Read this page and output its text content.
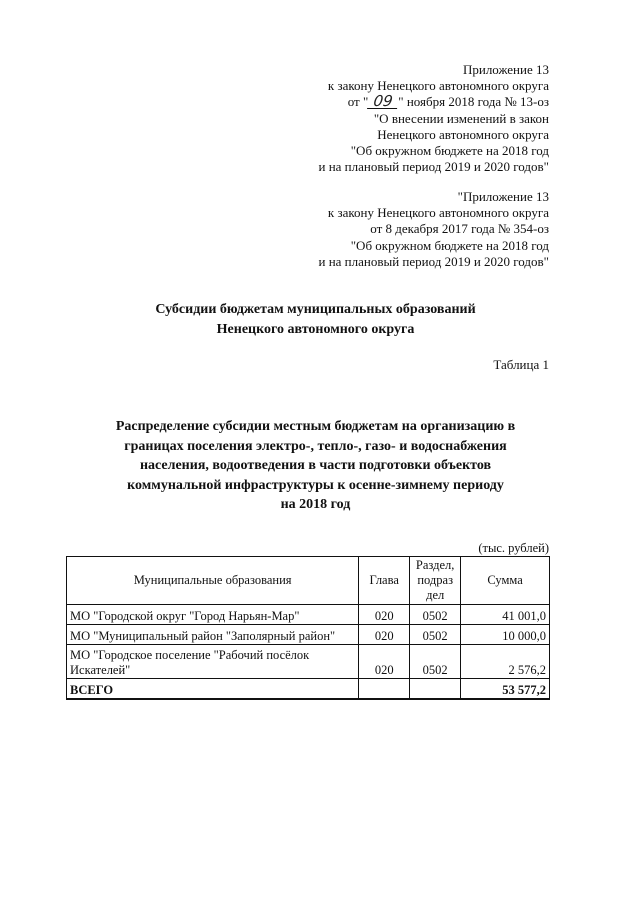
Приложение 13
к закону Ненецкого автономного округа
от " 09 " ноября 2018 года № 13-оз
"О внесении изменений в закон
Ненецкого автономного округа
"Об окружном бюджете на 2018 год
и на плановый период 2019 и 2020 годов"
"Приложение 13
к закону Ненецкого автономного округа
от 8 декабря 2017 года № 354-оз
"Об окружном бюджете на 2018 год
и на плановый период 2019 и 2020 годов"
Субсидии бюджетам муниципальных образований
Ненецкого автономного округа
Таблица 1
Распределение субсидии местным бюджетам на организацию в
границах поселения электро-, тепло-, газо- и водоснабжения
населения, водоотведения в части подготовки объектов
коммунальной инфраструктуры к осенне-зимнему периоду
на 2018 год
(тыс. рублей)
Муниципальные образования	Глава	Раздел,
подраз
дел	Сумма
МО "Городской округ "Город Нарьян-Мар"	020	0502	41 001,0
МО "Муниципальный район "Заполярный район"	020	0502	10 000,0

МО "Городское поселение "Рабочий посёлок
Искателей"	020	0502	2 576,2
ВСЕГО			53 577,2
